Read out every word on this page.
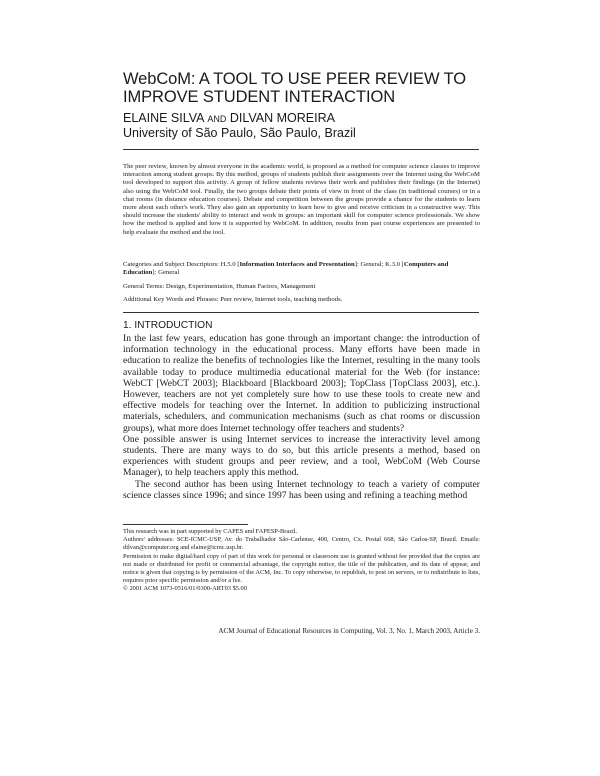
WebCoM: A TOOL TO USE PEER REVIEW TO
IMPROVE STUDENT INTERACTION
ELAINE SILVA AND DILVAN MOREIRA
University of São Paulo, São Paulo, Brazil

The peer review, known by almost everyone in the academic world, is proposed as a method for computer science classes to improve interaction among student groups. By this method, groups of students publish their assignments over the Internet using the WebCoM tool developed to support this activity. A group of fellow students reviews their work and publishes their findings (in the Internet) also using the WebCoM tool. Finally, the two groups debate their points of view in front of the class (in traditional courses) or in a chat rooms (in distance education courses). Debate and competition between the groups provide a chance for the students to learn more about each other's work. They also gain an opportunity to learn how to give and receive criticism in a constructive way. This should increase the students' ability to interact and work in groups: an important skill for computer science professionals. We show how the method is applied and how it is supported by WebCoM. In addition, results from past course experiences are presented to help evaluate the method and the tool.

Categories and Subject Descriptors: H.5.0 [Information Interfaces and Presentation]: General; K.3.0 [Computers and Education]: General
General Terms: Design, Experimentation, Human Factors, Management
Additional Key Words and Phrases: Peer review, Internet tools, teaching methods.
1. INTRODUCTION

In the last few years, education has gone through an important change: the introduction of information technology in the educational process. Many efforts have been made in education to realize the benefits of technologies like the Internet, resulting in the many tools available today to produce multimedia educational material for the Web (for instance: WebCT [WebCT 2003]; Blackboard [Blackboard 2003]; TopClass [TopClass 2003], etc.). However, teachers are not yet completely sure how to use these tools to create new and effective models for teaching over the Internet. In addition to publicizing instructional materials, schedulers, and communication mechanisms (such as chat rooms or discussion groups), what more does Internet technology offer teachers and students?

One possible answer is using Internet services to increase the interactivity level among students. There are many ways to do so, but this article presents a method, based on experiences with student groups and peer review, and a tool, WebCoM (Web Course Manager), to help teachers apply this method.

The second author has been using Internet technology to teach a variety of computer science classes since 1996; and since 1997 has been using and refining a teaching method

This research was in part supported by CAPES and FAPESP-Brazil.

Authors' addresses: SCE-ICMC-USP, Av. do Trabalhador São-Carlense, 400, Centro, Cx. Postal 668, São Carlos-SP, Brazil. Emails: dilvan@computer.org and elaine@icmc.usp.br.

Permission to make digital/hard copy of part of this work for personal or classroom use is granted without fee provided that the copies are not made or distributed for profit or commercial advantage, the copyright notice, the title of the publication, and its date of appear, and notice is given that copying is by permission of the ACM, Inc. To copy otherwise, to republish, to post on servers, or to redistribute to lists, requires prior specific permission and/or a fee.

© 2001 ACM 1073-0516/01/0300-ART03 $5.00

ACM Journal of Educational Resources in Computing, Vol. 3, No. 1, March 2003, Article 3.
